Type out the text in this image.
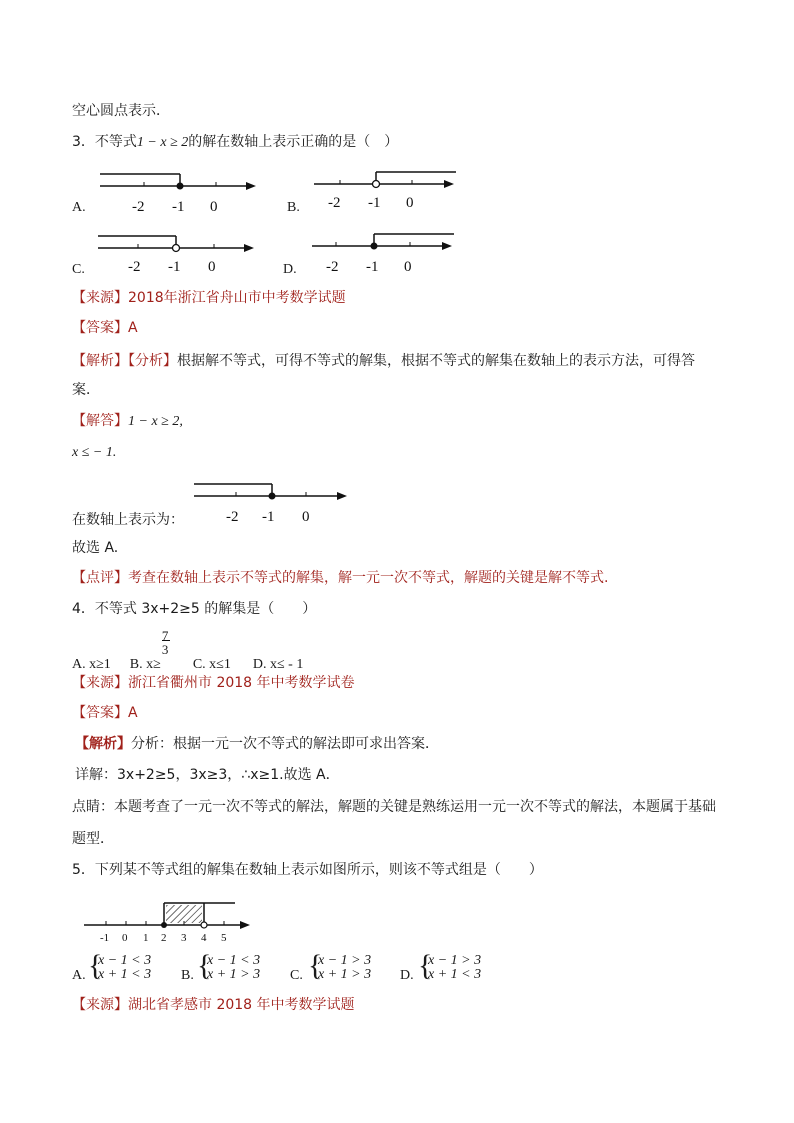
空心圆点表示．
3．不等式1 − x ≥ 2的解在数轴上表示正确的是（　）
A.	-2 -1 0	B. -2 -1 0
C.	-2 -1 0	D. -2 -1 0
【来源】2018年浙江省舟山市中考数学试题
【答案】A
【解析】【分析】根据解不等式，可得不等式的解集，根据不等式的解集在数轴上的表示方法，可得答
案．
【解答】1 − x ≥ 2,
x ≤ − 1.
-2 -1 0
在数轴上表示为：
故选 A.
【点评】考查在数轴上表示不等式的解集，解一元一次不等式，解题的关键是解不等式.
4．不等式 3x+2≥5 的解集是（　　）
A. x≥1 B. x≥
7
3
C. x≤1 D. x≤ - 1
【来源】浙江省衢州市 2018 年中考数学试卷
【答案】A
【解析】分析：根据一元一次不等式的解法即可求出答案．
详解：3x+2≥5，3x≥3，∴x≥1.故选 A．
点睛：本题考查了一元一次不等式的解法，解题的关键是熟练运用一元一次不等式的解法，本题属于基础
题型．
5．下列某不等式组的解集在数轴上表示如图所示，则该不等式组是（　　）
-1 0 1 2 3 4 5
A. {
x − 1 < 3
x + 1 < 3 B. {
x − 1 < 3
x + 1 > 3 C. {
x − 1 > 3
x + 1 > 3 D. {
x − 1 > 3
x + 1 < 3
【来源】湖北省孝感市 2018 年中考数学试题
